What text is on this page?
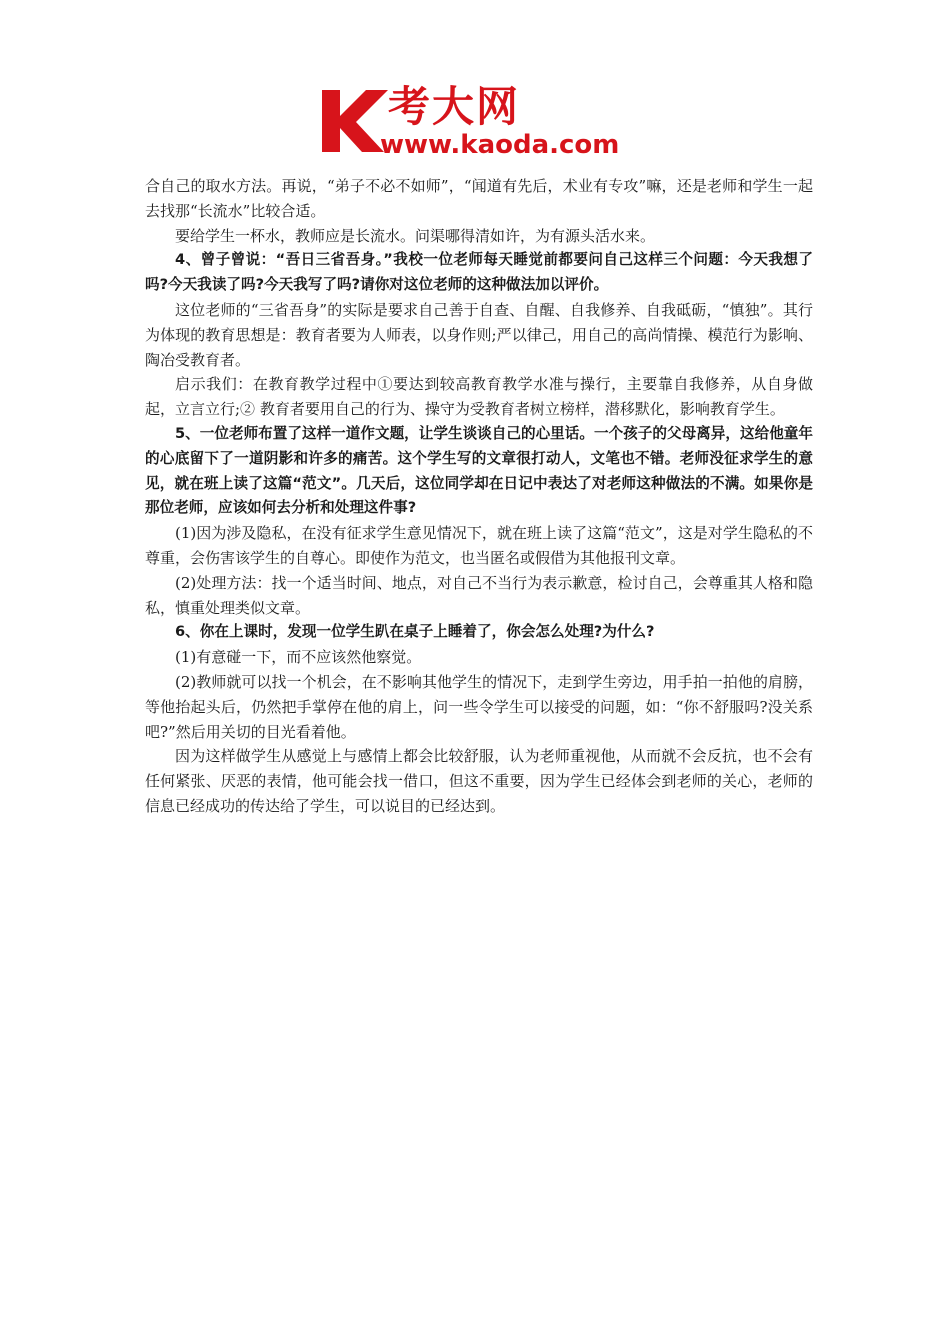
考大网
www.kaoda.com

合自己的取水方法。再说，“弟子不必不如师”，“闻道有先后，术业有专攻”嘛，还是老师和学生一起去找那“长流水”比较合适。

要给学生一杯水，教师应是长流水。问渠哪得清如许，为有源头活水来。

4、曾子曾说：“吾日三省吾身。”我校一位老师每天睡觉前都要问自己这样三个问题：今天我想了吗?今天我读了吗?今天我写了吗?请你对这位老师的这种做法加以评价。

这位老师的“三省吾身”的实际是要求自己善于自查、自醒、自我修养、自我砥砺，“慎独”。其行为体现的教育思想是：教育者要为人师表，以身作则;严以律己，用自己的高尚情操、模范行为影响、陶冶受教育者。

启示我们：在教育教学过程中①要达到较高教育教学水准与操行，主要靠自我修养，从自身做起，立言立行;② 教育者要用自己的行为、操守为受教育者树立榜样，潜移默化，影响教育学生。

5、一位老师布置了这样一道作文题，让学生谈谈自己的心里话。一个孩子的父母离异，这给他童年的心底留下了一道阴影和许多的痛苦。这个学生写的文章很打动人，文笔也不错。老师没征求学生的意见，就在班上读了这篇“范文”。几天后，这位同学却在日记中表达了对老师这种做法的不满。如果你是那位老师，应该如何去分析和处理这件事?

(1)因为涉及隐私，在没有征求学生意见情况下，就在班上读了这篇“范文”，这是对学生隐私的不尊重，会伤害该学生的自尊心。即使作为范文，也当匿名或假借为其他报刊文章。

(2)处理方法：找一个适当时间、地点，对自己不当行为表示歉意，检讨自己，会尊重其人格和隐私，慎重处理类似文章。

6、你在上课时，发现一位学生趴在桌子上睡着了，你会怎么处理?为什么?

(1)有意碰一下，而不应该然他察觉。

(2)教师就可以找一个机会，在不影响其他学生的情况下，走到学生旁边，用手拍一拍他的肩膀，等他抬起头后，仍然把手掌停在他的肩上，问一些令学生可以接受的问题，如：“你不舒服吗?没关系吧?”然后用关切的目光看着他。

因为这样做学生从感觉上与感情上都会比较舒服，认为老师重视他，从而就不会反抗，也不会有任何紧张、厌恶的表情，他可能会找一借口，但这不重要，因为学生已经体会到老师的关心，老师的信息已经成功的传达给了学生，可以说目的已经达到。
